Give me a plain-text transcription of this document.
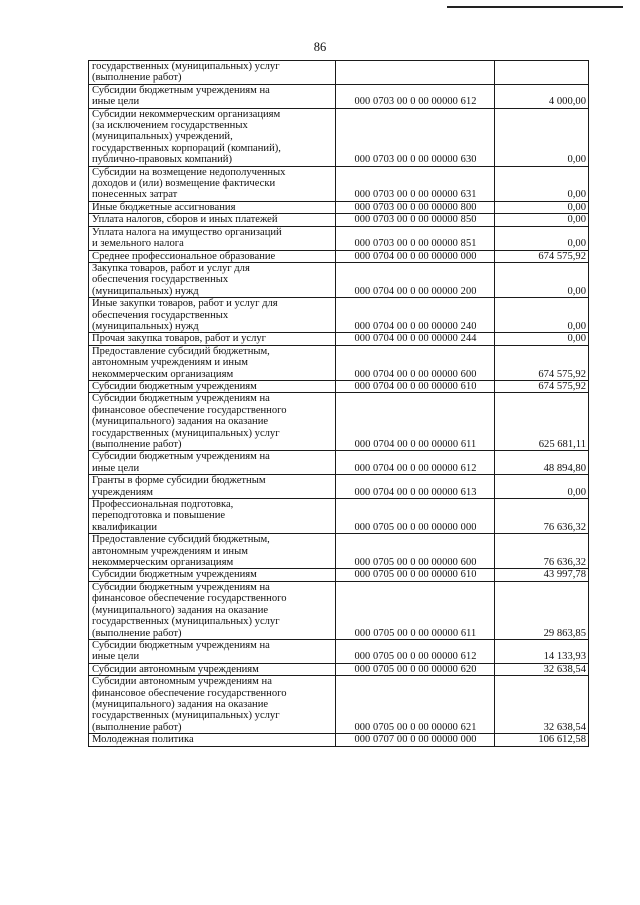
86
государственных (муниципальных) услуг
(выполнение работ)		
Субсидии бюджетным учреждениям на
иные цели	000 0703 00 0 00 00000 612	4 000,00
Субсидии некоммерческим организациям
(за исключением государственных
(муниципальных) учреждений,
государственных корпораций (компаний),
публично-правовых компаний)	000 0703 00 0 00 00000 630	0,00
Субсидии на возмещение недополученных
доходов и (или) возмещение фактически
понесенных затрат	000 0703 00 0 00 00000 631	0,00
Иные бюджетные ассигнования	000 0703 00 0 00 00000 800	0,00
Уплата налогов, сборов и иных платежей	000 0703 00 0 00 00000 850	0,00
Уплата налога на имущество организаций
и земельного налога	000 0703 00 0 00 00000 851	0,00
Среднее профессиональное образование	000 0704 00 0 00 00000 000	674 575,92
Закупка товаров, работ и услуг для
обеспечения государственных
(муниципальных) нужд	000 0704 00 0 00 00000 200	0,00
Иные закупки товаров, работ и услуг для
обеспечения государственных
(муниципальных) нужд	000 0704 00 0 00 00000 240	0,00
Прочая закупка товаров, работ и услуг	000 0704 00 0 00 00000 244	0,00
Предоставление субсидий бюджетным,
автономным учреждениям и иным
некоммерческим организациям	000 0704 00 0 00 00000 600	674 575,92
Субсидии бюджетным учреждениям	000 0704 00 0 00 00000 610	674 575,92
Субсидии бюджетным учреждениям на
финансовое обеспечение государственного
(муниципального) задания на оказание
государственных (муниципальных) услуг
(выполнение работ)	000 0704 00 0 00 00000 611	625 681,11
Субсидии бюджетным учреждениям на
иные цели	000 0704 00 0 00 00000 612	48 894,80
Гранты в форме субсидии бюджетным
учреждениям	000 0704 00 0 00 00000 613	0,00
Профессиональная подготовка,
переподготовка и повышение
квалификации	000 0705 00 0 00 00000 000	76 636,32
Предоставление субсидий бюджетным,
автономным учреждениям и иным
некоммерческим организациям	000 0705 00 0 00 00000 600	76 636,32
Субсидии бюджетным учреждениям	000 0705 00 0 00 00000 610	43 997,78
Субсидии бюджетным учреждениям на
финансовое обеспечение государственного
(муниципального) задания на оказание
государственных (муниципальных) услуг
(выполнение работ)	000 0705 00 0 00 00000 611	29 863,85
Субсидии бюджетным учреждениям на
иные цели	000 0705 00 0 00 00000 612	14 133,93
Субсидии автономным учреждениям	000 0705 00 0 00 00000 620	32 638,54
Субсидии автономным учреждениям на
финансовое обеспечение государственного
(муниципального) задания на оказание
государственных (муниципальных) услуг
(выполнение работ)	000 0705 00 0 00 00000 621	32 638,54
Молодежная политика	000 0707 00 0 00 00000 000	106 612,58
